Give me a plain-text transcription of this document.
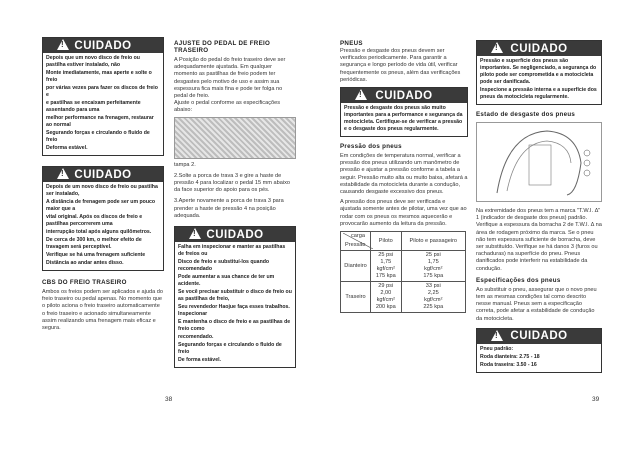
!
CUIDADO

Depois que um novo disco de freio ou pastilha estiver instalado, não

Monte imediatamente, mas aperte e solte o freio

por várias vezes para fazer os discos de freio e

e pastilhas se encaixam perfeitamente assentando para uma

melhor performance na frenagem, restaurar ao normal

Segurando forças e circulando o fluido de freio

Deforma estável.

!
CUIDADO

Depois de um novo disco de freio ou pastilha ser instalado,

A distância de frenagem pode ser um pouco maior que a

vital original. Após os discos de freio e pastilhas percorrerem uma

interrupção total após alguns quilômetros.

De cerca de 300 km, o melhor efeito de travagem será perceptível.

Verifique se há uma frenagem suficiente

Distância ao andar antes disso.

CBS DO FREIO TRASEIRO
Ambos os freios podem ser aplicados e ajuda do freio traseiro ou pedal apenas. No momento que o piloto aciona o freio traseiro automaticamente o freio traseiro e acionado simultaneamente assim realizando uma frenagem mais eficaz e segura.
AJUSTE DO PEDAL DE FREIO TRASEIRO
A Posição do pedal do freio traseiro deve ser adequadamente ajustada. Em qualquer momento as pastilhas de freio podem ter desgastes pelo motivo de uso e assim sua espessura fica mais fina e pode ter folga no pedal de freio.
Ajuste o pedal conforme as especificações abaixo:
tampa 2.
2.Solte a porca de trava 3 e gire a haste de pressão 4 para localizar o pedal 15 mm abaixo da face superior do apoio para os pés.
3.Aperte novamente a porca de trava 3 para prender a haste de pressão 4 na posição adequada.
!
CUIDADO

Falha em inspecionar e manter as pastilhas de freios ou

Disco de freio e substituí-los quando recomendado

Pode aumentar a sua chance de ter um acidente.

Se você precisar substituir o disco de freio ou as pastilhas de freio,

Seu revendedor Haojue faça esses trabalhos. Inspecionar

E mantenha o disco de freio e as pastilhas de freio como

recomendado.

Segurando forças e circulando o fluido de freio

De forma estável.

38
PNEUS
Pressão e desgaste dos pneus devem ser verificados periodicamente. Para garantir a segurança e longo período de vida útil, verificar frequentemente os pneus, além das verificações periódicas.
!
CUIDADO

Pressão e desgaste dos pneus são muito importantes para a performance e segurança da motocicleta. Certifique-se de verificar a pressão e o desgaste dos pneus regularmente.

Pressão dos pneus
Em condições de temperatura normal, verificar a pressão dos pneus utilizando um manômetro de pressão e ajustar a pressão conforme a tabela a seguir. Pressão muito alta ou muito baixa, afetará a estabilidade da motocicleta durante a condução, causando desgaste excessivo dos pneus.
A pressão dos pneus deve ser verificada e ajustada somente antes de pilotar, uma vez que ao rodar com os pneus os mesmos aquecerão e provocarão aumento da leitura da pressão.
carga
Pressão	Piloto	Piloto e passageiro
Dianteiro	25 psi
1,75
kgf/cm²
175 kpa	25 psi
1,75
kgf/cm²
175 kpa
Traseiro	29 psi
2,00
kgf/cm²
200 kpa	33 psi
2,25
kgf/cm²
225 kpa
!
CUIDADO

Pressão e superfície dos pneus são importantes. Se negligenciado, a segurança do piloto pode ser comprometida e a motocicleta pode ser danificada.

Inspecione a pressão interna e a superfície dos pneus da motocicleta regularmente.

Estado de desgaste dos pneus
Na extremidade dos pneus tem a marca "T.W.I. Δ" 1 (indicador de desgaste dos pneus) padrão. Verifique a espessura da borracha 2 de T.W.I. Δ na área de rodagem próximo da marca. Se o pneu não tem espessura suficiente de borracha, deve ser substituído. Verifique se há danos 3 (furos ou rachaduras) na superfície do pneu. Pneus danificados pode interferir na estabilidade da condução.
Especificações dos pneus
Ao substituir o pneu, assegurar que o novo pneu tem as mesmas condições tal como descrito nesse manual. Pneus sem a especificação correta, pode afetar a estabilidade de condução da motocicleta.
!
CUIDADO

Pneu padrão:

Roda dianteira: 2.75 - 18

Roda traseira: 3.50 - 16

39
